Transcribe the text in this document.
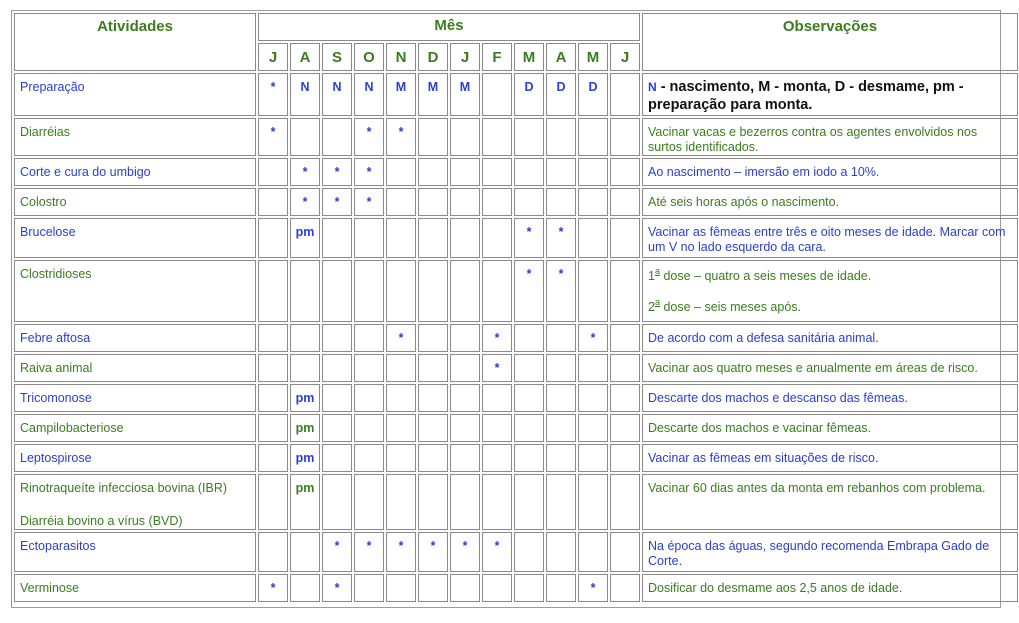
Atividades	Mês												Observações
	J	A	S	O	N	D	J	F	M	A	M	J	

Preparação	*	N	N	N	M	M	M		D	D	D		N - nascimento, M - monta, D - desmame, pm - preparação para monta.

Diarréias	*			*	*								Vacinar vacas e bezerros contra os agentes envolvidos nos surtos identificados.

Corte e cura do umbigo		*	*	*									Ao nascimento – imersão em iodo a 10%.

Colostro		*	*	*									Até seis horas após o nascimento.

Brucelose		pm							*	*			Vacinar as fêmeas entre três e oito meses de idade. Marcar com um V no lado esquerdo da cara.

Clostridioses									*	*			1$^a$ dose – quatro a seis meses de idade.
2$^a$ dose – seis meses após.

Febre aftosa					*			*			*		De acordo com a defesa sanitária animal.

Raiva animal								*					Vacinar aos quatro meses e anualmente em áreas de risco.

Tricomonose		pm											Descarte dos machos e descanso das fêmeas.

Campilobacteriose		pm											Descarte dos machos e vacinar fêmeas.

Leptospirose		pm											Vacinar as fêmeas em situações de risco.

Rinotraqueíte infecciosa bovina (IBR)
Diarréia bovino a vírus (BVD)		pm											Vacinar 60 dias antes da monta em rebanhos com problema.

Ectoparasitos			*	*	*	*	*	*					Na época das águas, segundo recomenda Embrapa Gado de Corte.

Verminose	*		*								*		Dosificar do desmame aos 2,5 anos de idade.
